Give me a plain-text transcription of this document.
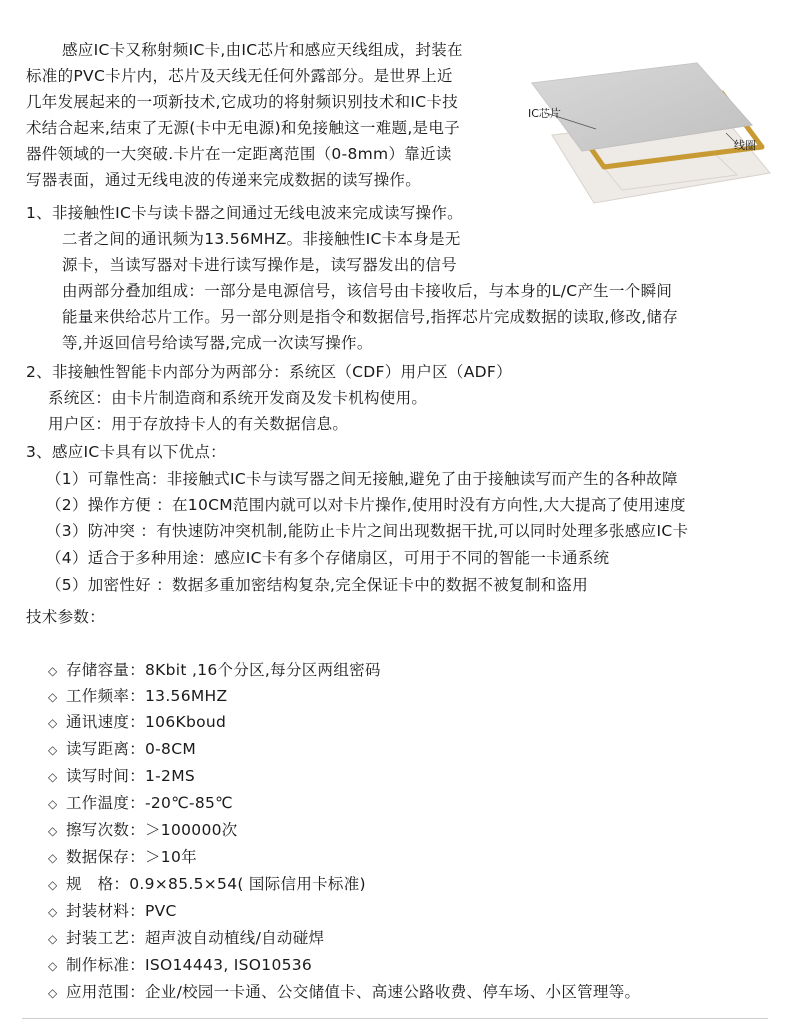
感应IC卡又称射频IC卡,由IC芯片和感应天线组成，封装在
标准的PVC卡片内，芯片及天线无任何外露部分。是世界上近
几年发展起来的一项新技术,它成功的将射频识别技术和IC卡技
术结合起来,结束了无源(卡中无电源)和免接触这一难题,是电子
器件领域的一大突破.卡片在一定距离范围（0-8mm）靠近读
写器表面，通过无线电波的传递来完成数据的读写操作。
IC芯片
线圈
1、非接触性IC卡与读卡器之间通过无线电波来完成读写操作。
二者之间的通讯频为13.56MHZ。非接触性IC卡本身是无
源卡，当读写器对卡进行读写操作是，读写器发出的信号
由两部分叠加组成：一部分是电源信号，该信号由卡接收后，与本身的L/C产生一个瞬间
能量来供给芯片工作。另一部分则是指令和数据信号,指挥芯片完成数据的读取,修改,储存
等,并返回信号给读写器,完成一次读写操作。
2、非接触性智能卡内部分为两部分：系统区（CDF）用户区（ADF）
系统区：由卡片制造商和系统开发商及发卡机构使用。
用户区：用于存放持卡人的有关数据信息。
3、感应IC卡具有以下优点：
（1）可靠性高：非接触式IC卡与读写器之间无接触,避免了由于接触读写而产生的各种故障
（2）操作方便 ：在10CM范围内就可以对卡片操作,使用时没有方向性,大大提高了使用速度
（3）防冲突 ：有快速防冲突机制,能防止卡片之间出现数据干扰,可以同时处理多张感应IC卡
（4）适合于多种用途：感应IC卡有多个存储扇区，可用于不同的智能一卡通系统
（5）加密性好 ：数据多重加密结构复杂,完全保证卡中的数据不被复制和盗用
技术参数：
◇ 存储容量：8Kbit ,16个分区,每分区两组密码
◇ 工作频率：13.56MHZ
◇ 通讯速度：106Kboud
◇ 读写距离：0-8CM
◇ 读写时间：1-2MS
◇ 工作温度：-20℃-85℃
◇ 擦写次数：＞100000次
◇ 数据保存：＞10年
◇ 规　格：0.9×85.5×54( 国际信用卡标准)
◇ 封装材料：PVC
◇ 封装工艺：超声波自动植线/自动碰焊
◇ 制作标准：ISO14443, ISO10536
◇ 应用范围：企业/校园一卡通、公交储值卡、高速公路收费、停车场、小区管理等。
